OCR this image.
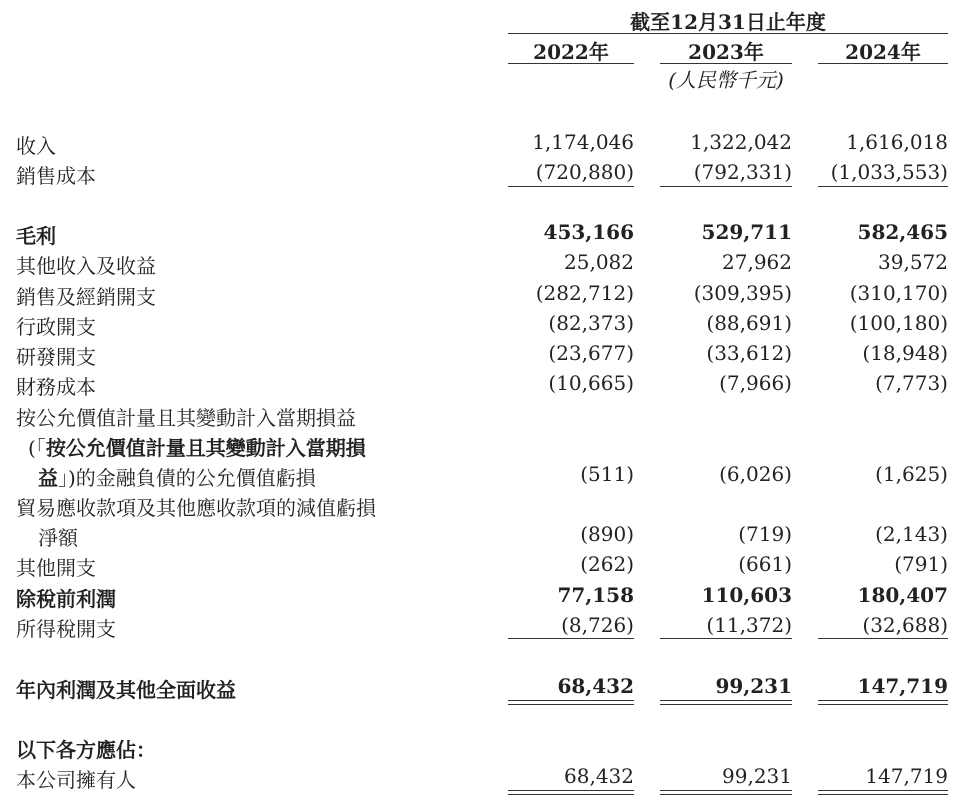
截至12月31日止年度
2022年	2023年	2024年
(人民幣千元)
收入	1,174,046	1,322,042	1,616,018
銷售成本	(720,880)	(792,331) (1,033,553)
毛利	453,166	529,711	582,465
其他收入及收益	25,082	27,962	39,572
銷售及經銷開支	(282,712)	(309,395)	(310,170)
行政開支	(82,373)	(88,691)	(100,180)
研發開支	(23,677)	(33,612)	(18,948)
財務成本	(10,665)	(7,966)	(7,773)
按公允價值計量且其變動計入當期損益
(「按公允價值計量且其變動計入當期損
益」)的金融負債的公允價值虧損	(511)	(6,026)	(1,625)
貿易應收款項及其他應收款項的減值虧損
淨額	(890)	(719)	(2,143)
其他開支	(262)	(661)	(791)
除稅前利潤	77,158	110,603	180,407
所得稅開支	(8,726)	(11,372)	(32,688)
年內利潤及其他全面收益	68,432	99,231	147,719
以下各方應佔：
本公司擁有人	68,432	99,231	147,719
